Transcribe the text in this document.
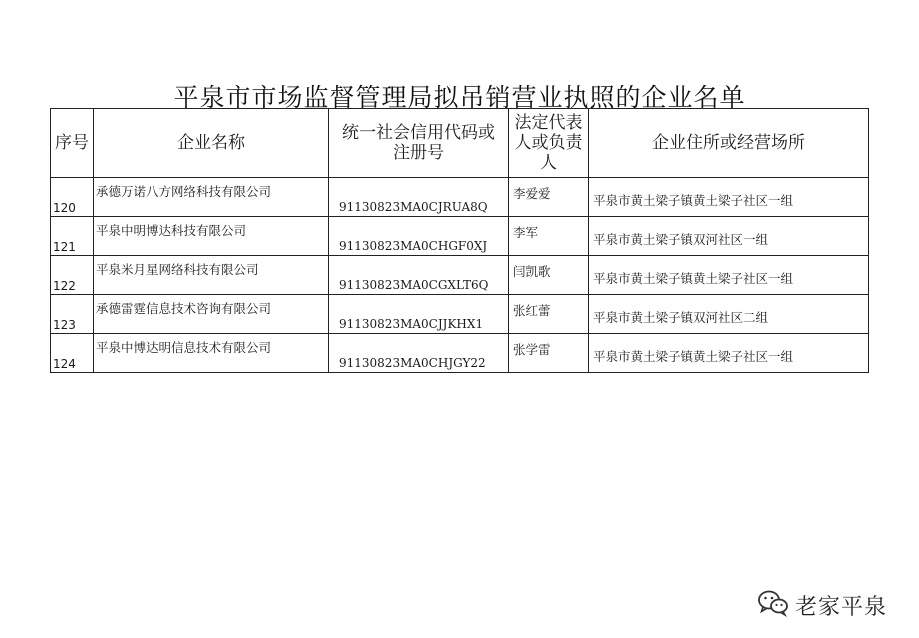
平泉市市场监督管理局拟吊销营业执照的企业名单
序号	企业名称	统一社会信用代码或注册号	法定代表人或负责人	企业住所或经营场所
120	承德万诺八方网络科技有限公司	91130823MA0CJRUA8Q	李爱爱	平泉市黄土梁子镇黄土梁子社区一组
121	平泉中明博达科技有限公司	91130823MA0CHGF0XJ	李军	平泉市黄土梁子镇双河社区一组
122	平泉米月星网络科技有限公司	91130823MA0CGXLT6Q	闫凯歌	平泉市黄土梁子镇黄土梁子社区一组
123	承德雷霆信息技术咨询有限公司	91130823MA0CJJKHX1	张红蕾	平泉市黄土梁子镇双河社区二组
124	平泉中博达明信息技术有限公司	91130823MA0CHJGY22	张学雷	平泉市黄土梁子镇黄土梁子社区一组
老家平泉
